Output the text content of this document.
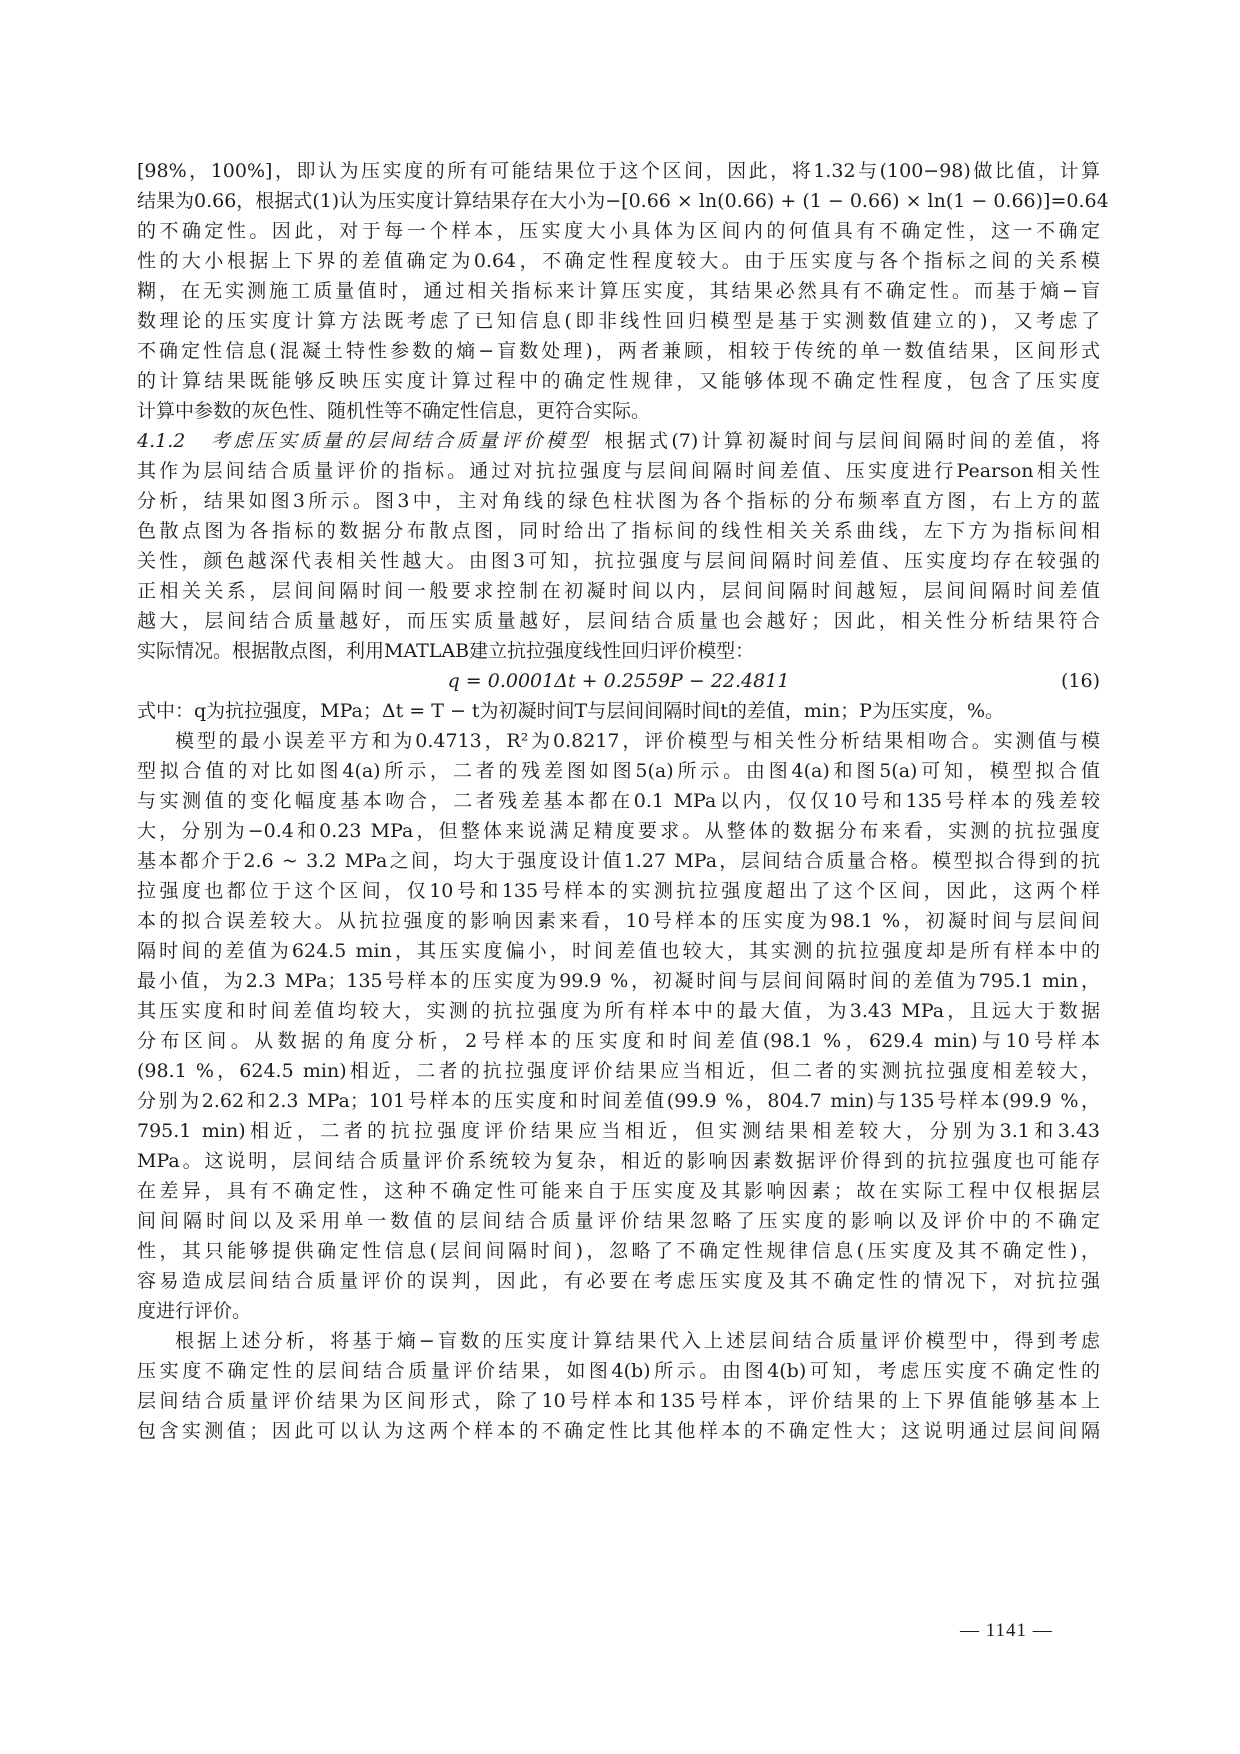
[98%，100%]，即认为压实度的所有可能结果位于这个区间，因此，将1.32与(100−98)做比值，计算
结果为0.66，根据式(1)认为压实度计算结果存在大小为−[0.66 × ln(0.66) + (1 − 0.66) × ln(1 − 0.66)]=0.64
的不确定性。因此，对于每一个样本，压实度大小具体为区间内的何值具有不确定性，这一不确定
性的大小根据上下界的差值确定为0.64，不确定性程度较大。由于压实度与各个指标之间的关系模
糊，在无实测施工质量值时，通过相关指标来计算压实度，其结果必然具有不确定性。而基于熵−盲
数理论的压实度计算方法既考虑了已知信息(即非线性回归模型是基于实测数值建立的)，又考虑了
不确定性信息(混凝土特性参数的熵−盲数处理)，两者兼顾，相较于传统的单一数值结果，区间形式
的计算结果既能够反映压实度计算过程中的确定性规律，又能够体现不确定性程度，包含了压实度
计算中参数的灰色性、随机性等不确定性信息，更符合实际。
4.1.2　考虑压实质量的层间结合质量评价模型 根据式(7)计算初凝时间与层间间隔时间的差值，将
其作为层间结合质量评价的指标。通过对抗拉强度与层间间隔时间差值、压实度进行Pearson相关性
分析，结果如图3所示。图3中，主对角线的绿色柱状图为各个指标的分布频率直方图，右上方的蓝
色散点图为各指标的数据分布散点图，同时给出了指标间的线性相关关系曲线，左下方为指标间相
关性，颜色越深代表相关性越大。由图3可知，抗拉强度与层间间隔时间差值、压实度均存在较强的
正相关关系，层间间隔时间一般要求控制在初凝时间以内，层间间隔时间越短，层间间隔时间差值
越大，层间结合质量越好，而压实质量越好，层间结合质量也会越好；因此，相关性分析结果符合
实际情况。根据散点图，利用MATLAB建立抗拉强度线性回归评价模型：
q = 0.0001Δt + 0.2559P − 22.4811	(16)
式中：q为抗拉强度，MPa；Δt = T − t为初凝时间T与层间间隔时间t的差值，min；P为压实度，%。
模型的最小误差平方和为0.4713，R²为0.8217，评价模型与相关性分析结果相吻合。实测值与模
型拟合值的对比如图4(a)所示，二者的残差图如图5(a)所示。由图4(a)和图5(a)可知，模型拟合值
与实测值的变化幅度基本吻合，二者残差基本都在0.1 MPa以内，仅仅10号和135号样本的残差较
大，分别为−0.4和0.23 MPa，但整体来说满足精度要求。从整体的数据分布来看，实测的抗拉强度
基本都介于2.6 ~ 3.2 MPa之间，均大于强度设计值1.27 MPa，层间结合质量合格。模型拟合得到的抗
拉强度也都位于这个区间，仅10号和135号样本的实测抗拉强度超出了这个区间，因此，这两个样
本的拟合误差较大。从抗拉强度的影响因素来看，10号样本的压实度为98.1 %，初凝时间与层间间
隔时间的差值为624.5 min，其压实度偏小，时间差值也较大，其实测的抗拉强度却是所有样本中的
最小值，为2.3 MPa；135号样本的压实度为99.9 %，初凝时间与层间间隔时间的差值为795.1 min，
其压实度和时间差值均较大，实测的抗拉强度为所有样本中的最大值，为3.43 MPa，且远大于数据
分布区间。从数据的角度分析，2号样本的压实度和时间差值(98.1 %，629.4 min)与10号样本
(98.1 %，624.5 min)相近，二者的抗拉强度评价结果应当相近，但二者的实测抗拉强度相差较大，
分别为2.62和2.3 MPa；101号样本的压实度和时间差值(99.9 %，804.7 min)与135号样本(99.9 %，
795.1 min)相近，二者的抗拉强度评价结果应当相近，但实测结果相差较大，分别为3.1和3.43
MPa。这说明，层间结合质量评价系统较为复杂，相近的影响因素数据评价得到的抗拉强度也可能存
在差异，具有不确定性，这种不确定性可能来自于压实度及其影响因素；故在实际工程中仅根据层
间间隔时间以及采用单一数值的层间结合质量评价结果忽略了压实度的影响以及评价中的不确定
性，其只能够提供确定性信息(层间间隔时间)，忽略了不确定性规律信息(压实度及其不确定性)，
容易造成层间结合质量评价的误判，因此，有必要在考虑压实度及其不确定性的情况下，对抗拉强
度进行评价。
根据上述分析，将基于熵−盲数的压实度计算结果代入上述层间结合质量评价模型中，得到考虑
压实度不确定性的层间结合质量评价结果，如图4(b)所示。由图4(b)可知，考虑压实度不确定性的
层间结合质量评价结果为区间形式，除了10号样本和135号样本，评价结果的上下界值能够基本上
包含实测值；因此可以认为这两个样本的不确定性比其他样本的不确定性大；这说明通过层间间隔
— 1141 —
